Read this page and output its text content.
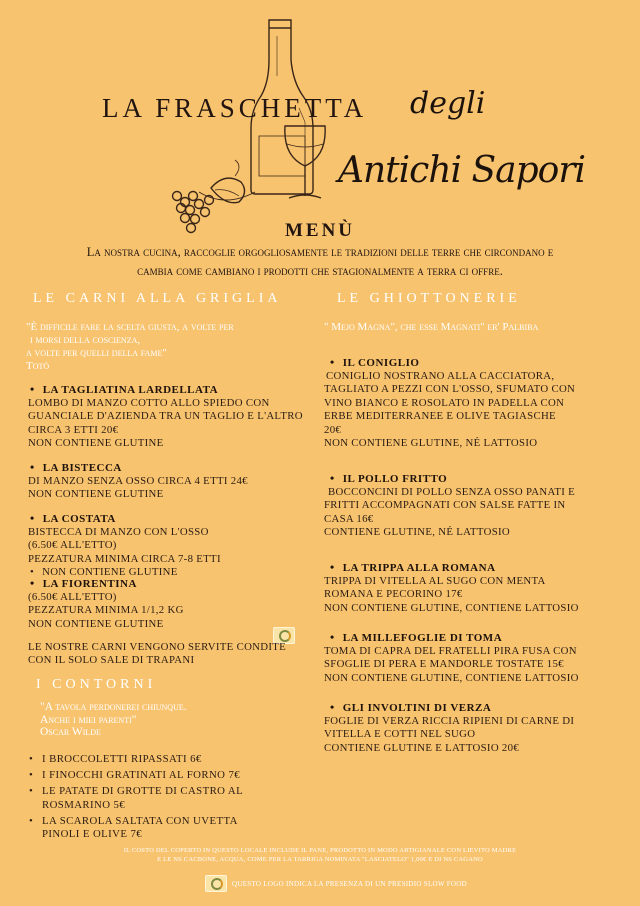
LA FRASCHETTA degli
Antichi Sapori
MENÙ
La nostra cucina, raccoglie orgogliosamente le tradizioni delle terre che circondano e cambia come cambiano i prodotti che stagionalmente a terra ci offre.
LE CARNI ALLA GRIGLIA
"È difficile fare la scelta giusta, a volte per
i morsi della coscienza,
a volte per quelli della fame"
Totò
• LA TAGLIATINA LARDELLATA
LOMBO DI MANZO COTTO ALLO SPIEDO CON
GUANCIALE D'AZIENDA TRA UN TAGLIO E L'ALTRO
CIRCA 3 ETTI 20€
NON CONTIENE GLUTINE
• LA BISTECCA
DI MANZO SENZA OSSO CIRCA 4 ETTI 24€
NON CONTIENE GLUTINE
• LA COSTATA
BISTECCA DI MANZO CON L'OSSO
(6.50€ ALL'ETTO)
PEZZATURA MINIMA CIRCA 7-8 ETTI
• NON CONTIENE GLUTINE
• LA FIORENTINA
(6.50€ ALL'ETTO)
PEZZATURA MINIMA 1/1,2 KG
NON CONTIENE GLUTINE
LE NOSTRE CARNI VENGONO SERVITE CONDITE
CON IL SOLO SALE DI TRAPANI
I CONTORNI
"A tavola perdonerei chiunque.
Anche i miei parenti"
Oscar Wilde
• I BROCCOLETTI RIPASSATI 6€
• I FINOCCHI GRATINATI AL FORNO 7€
• LE PATATE DI GROTTE DI CASTRO AL
ROSMARINO 5€
• LA SCAROLA SALTATA CON UVETTA
PINOLI E OLIVE 7€
LE GHIOTTONERIE
" Mejo Magna", che esse Magnati" er' Palbiba
• IL CONIGLIO
CONIGLIO NOSTRANO ALLA CACCIATORA,
TAGLIATO A PEZZI CON L'OSSO, SFUMATO CON
VINO BIANCO E ROSOLATO IN PADELLA CON
ERBE MEDITERRANEE E OLIVE TAGIASCHE
20€
NON CONTIENE GLUTINE, NÉ LATTOSIO
• IL POLLO FRITTO
BOCCONCINI DI POLLO SENZA OSSO PANATI E
FRITTI ACCOMPAGNATI CON SALSE FATTE IN
CASA 16€
CONTIENE GLUTINE, NÉ LATTOSIO
• LA TRIPPA ALLA ROMANA
TRIPPA DI VITELLA AL SUGO CON MENTA
ROMANA E PECORINO 17€
NON CONTIENE GLUTINE, CONTIENE LATTOSIO
• LA MILLEFOGLIE DI TOMA
TOMA DI CAPRA DEL FRATELLI PIRA FUSA CON
SFOGLIE DI PERA E MANDORLE TOSTATE 15€
NON CONTIENE GLUTINE, CONTIENE LATTOSIO
• GLI INVOLTINI DI VERZA
FOGLIE DI VERZA RICCIA RIPIENI DI CARNE DI
VITELLA E COTTI NEL SUGO
CONTIENE GLUTINE E LATTOSIO 20€
IL COSTO DEL COPERTO IN QUESTO LOCALE INCLUDE IL PANE, PRODOTTO IN MODO ARTIGIANALE CON LIEVITO MADRE
E LE NS CACBONE, ACQUA, COME PER LA TARRIGA NOMINATA "LASCIATELO" 1,00€ E DI NS CAGANO
QUESTO LOGO INDICA LA PRESENZA DI UN PRESIDIO SLOW FOOD
